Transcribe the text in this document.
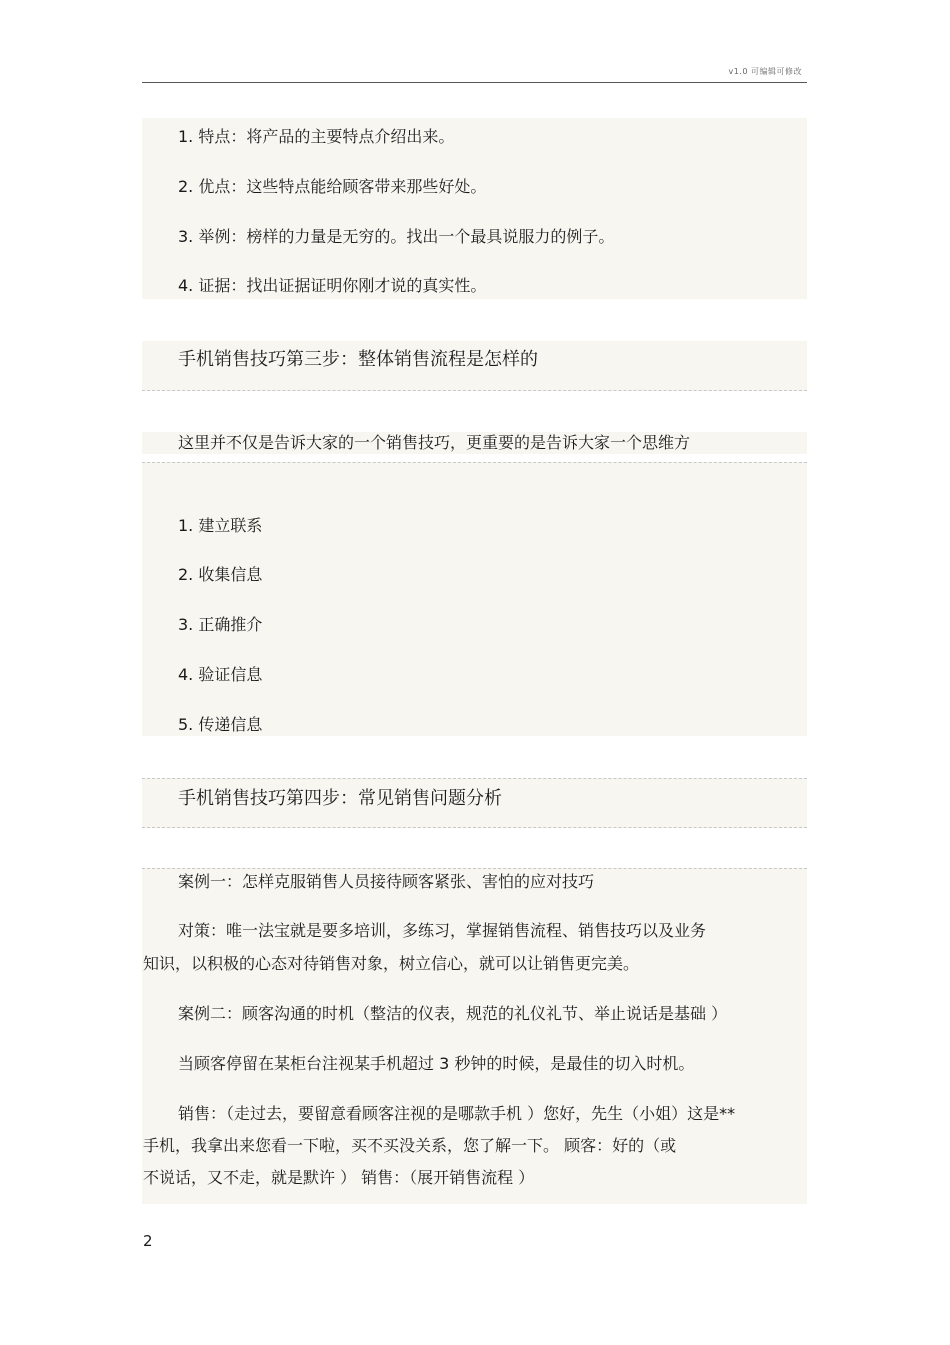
v1.0 可编辑可修改
1. 特点：将产品的主要特点介绍出来。
2. 优点：这些特点能给顾客带来那些好处。
3. 举例：榜样的力量是无穷的。找出一个最具说服力的例子。
4. 证据：找出证据证明你刚才说的真实性。
手机销售技巧第三步：整体销售流程是怎样的
这里并不仅是告诉大家的一个销售技巧，更重要的是告诉大家一个思维方
1. 建立联系
2. 收集信息
3. 正确推介
4. 验证信息
5. 传递信息
手机销售技巧第四步：常见销售问题分析
案例一：怎样克服销售人员接待顾客紧张、害怕的应对技巧
对策：唯一法宝就是要多培训，多练习，掌握销售流程、销售技巧以及业务
知识，以积极的心态对待销售对象，树立信心，就可以让销售更完美。
案例二：顾客沟通的时机（整洁的仪表，规范的礼仪礼节、举止说话是基础 ）
当顾客停留在某柜台注视某手机超过 3 秒钟的时候，是最佳的切入时机。
销售：（走过去，要留意看顾客注视的是哪款手机 ）您好，先生（小姐）这是**
手机，我拿出来您看一下啦，买不买没关系，您了解一下。 顾客：好的（或
不说话，又不走，就是默许 ） 销售：（展开销售流程 ）
2
